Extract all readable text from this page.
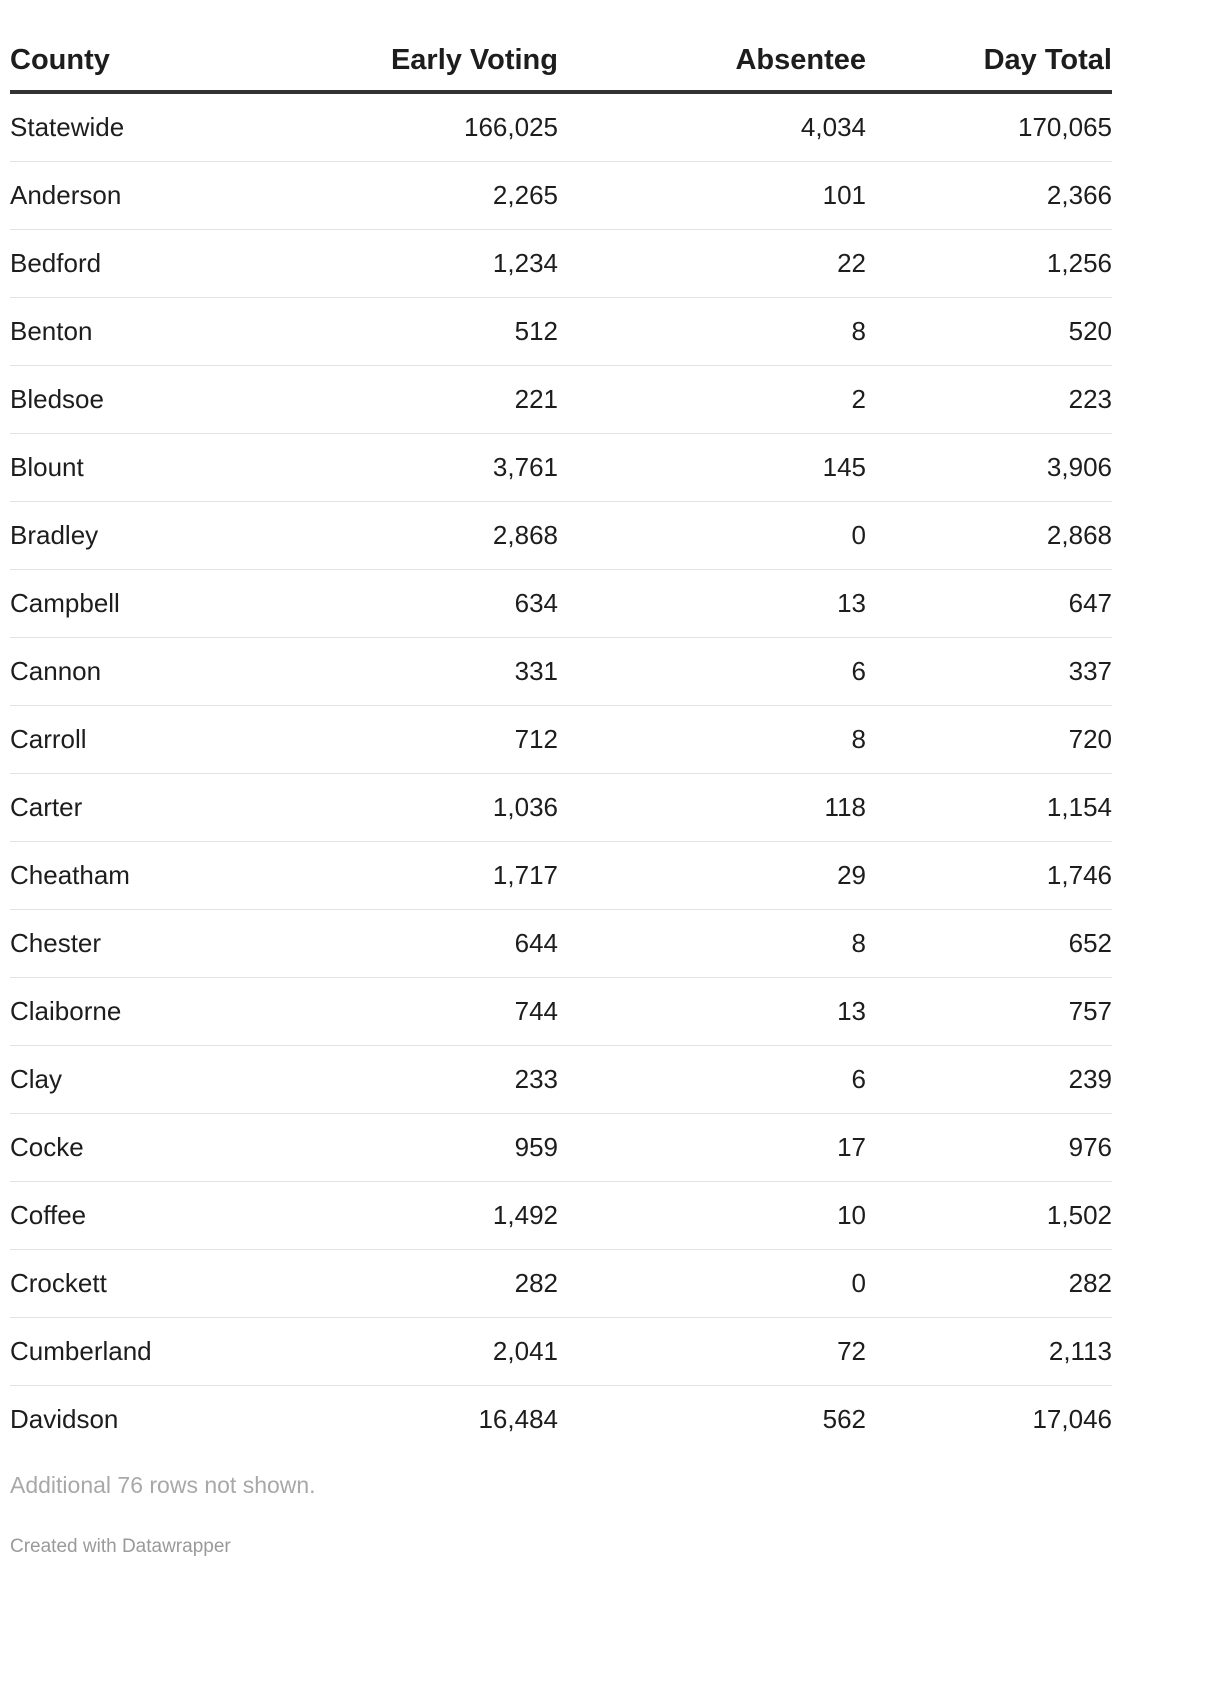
County	Early Voting	Absentee	Day Total
Statewide	166,025	4,034	170,065
Anderson	2,265	101	2,366
Bedford	1,234	22	1,256
Benton	512	8	520
Bledsoe	221	2	223
Blount	3,761	145	3,906
Bradley	2,868	0	2,868
Campbell	634	13	647
Cannon	331	6	337
Carroll	712	8	720
Carter	1,036	118	1,154
Cheatham	1,717	29	1,746
Chester	644	8	652
Claiborne	744	13	757
Clay	233	6	239
Cocke	959	17	976
Coffee	1,492	10	1,502
Crockett	282	0	282
Cumberland	2,041	72	2,113
Davidson	16,484	562	17,046
Additional 76 rows not shown.
Created with Datawrapper
